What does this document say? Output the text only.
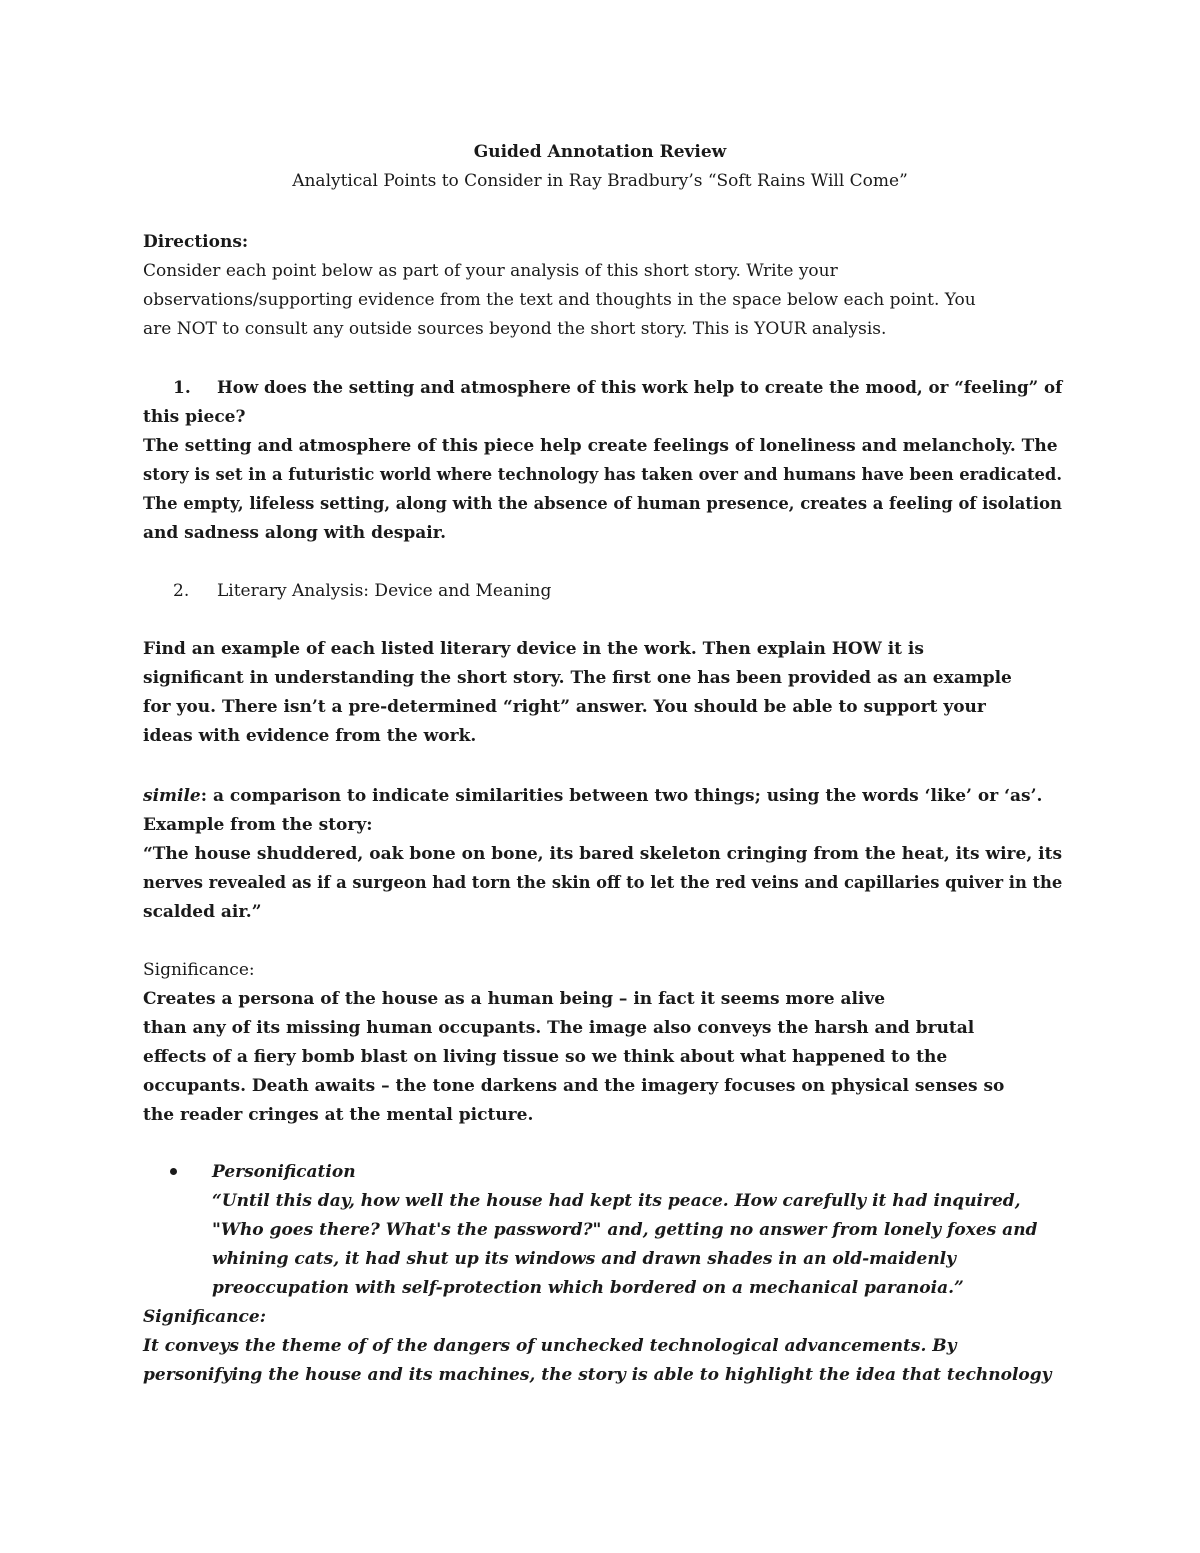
Guided Annotation Review
Analytical Points to Consider in Ray Bradbury’s “Soft Rains Will Come”
Directions:
Consider each point below as part of your analysis of this short story. Write your
observations/supporting evidence from the text and thoughts in the space below each point. You
are NOT to consult any outside sources beyond the short story. This is YOUR analysis.
1. How does the setting and atmosphere of this work help to create the mood, or “feeling” of
this piece?
The setting and atmosphere of this piece help create feelings of loneliness and melancholy. The
story is set in a futuristic world where technology has taken over and humans have been eradicated.
The empty, lifeless setting, along with the absence of human presence, creates a feeling of isolation
and sadness along with despair.
2. Literary Analysis: Device and Meaning
Find an example of each listed literary device in the work. Then explain HOW it is
significant in understanding the short story. The first one has been provided as an example
for you. There isn’t a pre-determined “right” answer. You should be able to support your
ideas with evidence from the work.
simile: a comparison to indicate similarities between two things; using the words ‘like’ or ‘as’.
Example from the story:
“The house shuddered, oak bone on bone, its bared skeleton cringing from the heat, its wire, its
nerves revealed as if a surgeon had torn the skin off to let the red veins and capillaries quiver in the
scalded air.”
Significance:
Creates a persona of the house as a human being – in fact it seems more alive
than any of its missing human occupants. The image also conveys the harsh and brutal
effects of a fiery bomb blast on living tissue so we think about what happened to the
occupants. Death awaits – the tone darkens and the imagery focuses on physical senses so
the reader cringes at the mental picture.
Personification
“Until this day, how well the house had kept its peace. How carefully it had inquired,
"Who goes there? What's the password?" and, getting no answer from lonely foxes and
whining cats, it had shut up its windows and drawn shades in an old-maidenly
preoccupation with self-protection which bordered on a mechanical paranoia.”
Significance:
It conveys the theme of of the dangers of unchecked technological advancements. By
personifying the house and its machines, the story is able to highlight the idea that technology
